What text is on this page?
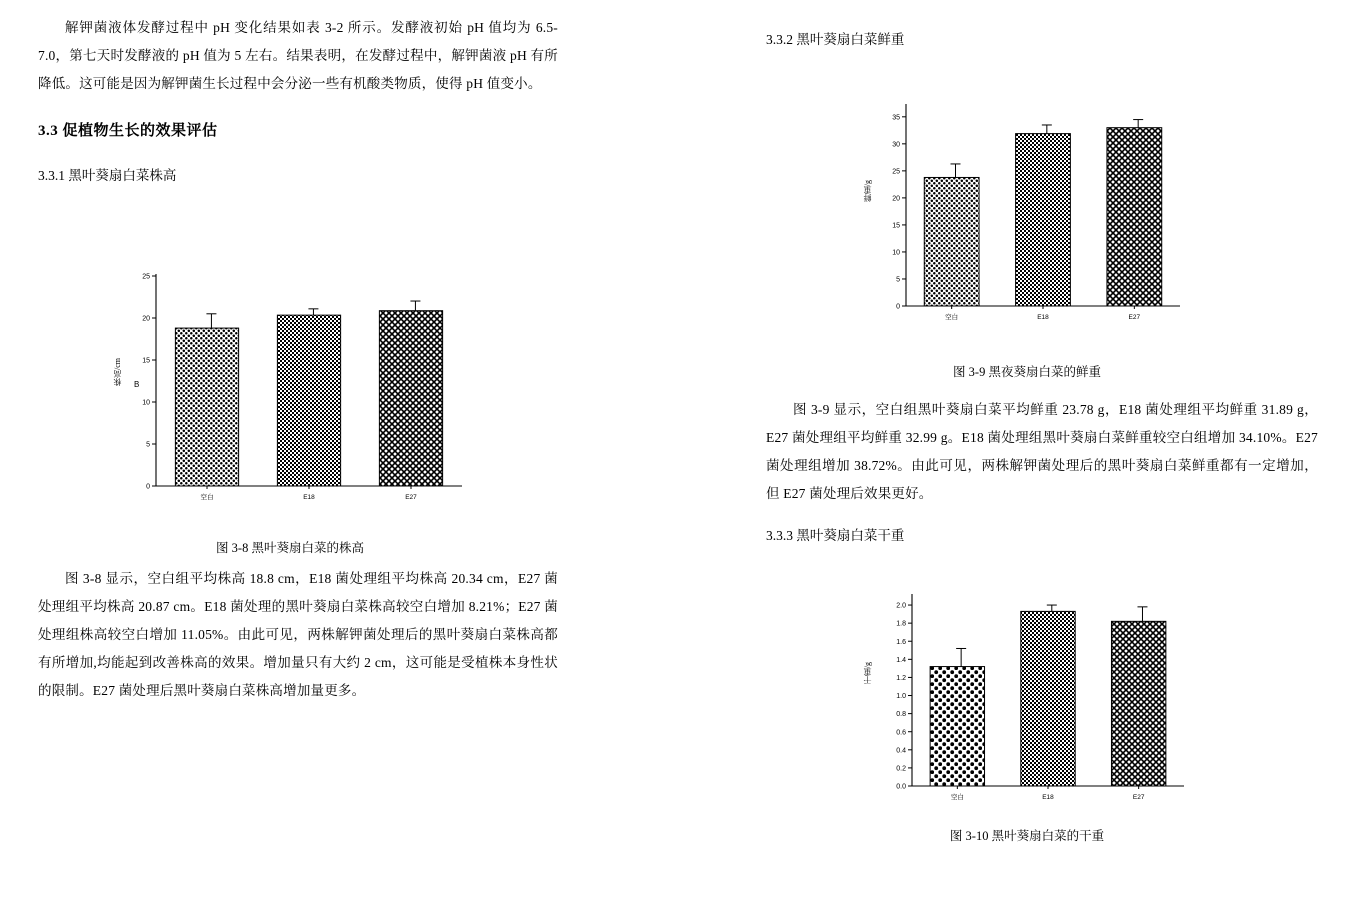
解钾菌液体发酵过程中 pH 变化结果如表 3-2 所示。发酵液初始 pH 值均为 6.5-7.0，第七天时发酵液的 pH 值为 5 左右。结果表明，在发酵过程中，解钾菌液 pH 有所降低。这可能是因为解钾菌生长过程中会分泌一些有机酸类物质，使得 pH 值变小。

3.3 促植物生长的效果评估
3.3.1 黑叶葵扇白菜株高
株高/cm B
0
5
10
15
20
25
空白	E18	E27

图 3-8 黑叶葵扇白菜的株高

图 3-8 显示，空白组平均株高 18.8 cm，E18 菌处理组平均株高 20.34 cm，E27 菌处理组平均株高 20.87 cm。E18 菌处理的黑叶葵扇白菜株高较空白增加 8.21%；E27 菌处理组株高较空白增加 11.05%。由此可见，两株解钾菌处理后的黑叶葵扇白菜株高都有所增加,均能起到改善株高的效果。增加量只有大约 2 cm，这可能是受植株本身性状的限制。E27 菌处理后黑叶葵扇白菜株高增加量更多。

3.3.2 黑叶葵扇白菜鲜重
鲜重/g
0
5
10
15
20
25
30
35
空白	E18	E27

图 3-9 黑夜葵扇白菜的鲜重

图 3-9 显示，空白组黑叶葵扇白菜平均鲜重 23.78 g，E18 菌处理组平均鲜重 31.89 g，E27 菌处理组平均鲜重 32.99 g。E18 菌处理组黑叶葵扇白菜鲜重较空白组增加 34.10%。E27 菌处理组增加 38.72%。由此可见，两株解钾菌处理后的黑叶葵扇白菜鲜重都有一定增加，但 E27 菌处理后效果更好。

3.3.3 黑叶葵扇白菜干重
干重/g
0.0
0.2
0.4
0.6
0.8
1.0
1.2
1.4
1.6
1.8
2.0
空白	E18	E27

图 3-10 黑叶葵扇白菜的干重
